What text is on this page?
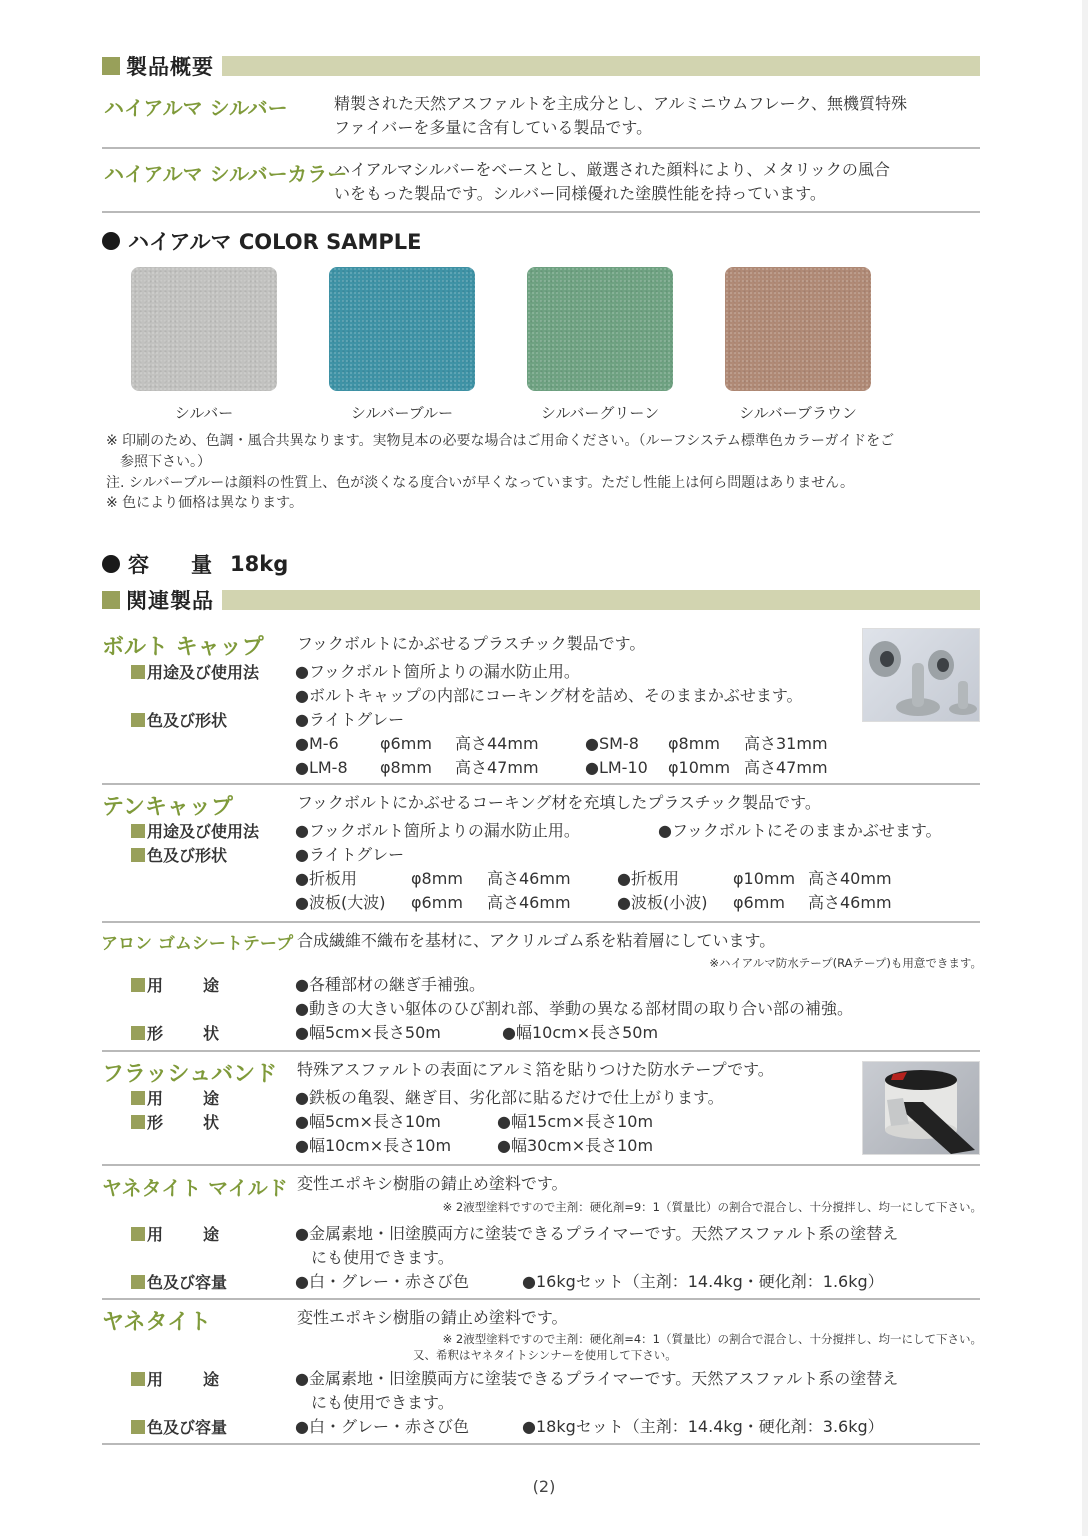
製品概要
ハイアルマ シルバー	精製された天然アスファルトを主成分とし、アルミニウムフレーク、無機質特殊
ファイバーを多量に含有している製品です。
ハイアルマ シルバーカラー
ハイアルマシルバーをベースとし、厳選された顔料により、メタリックの風合
いをもった製品です。シルバー同様優れた塗膜性能を持っています。
ハイアルマ COLOR SAMPLE
シルバー	シルバーブルー	シルバーグリーン	シルバーブラウン
※ 印刷のため、色調・風合共異なります。実物見本の必要な場合はご用命ください。（ルーフシステム標準色カラーガイドをご
　参照下さい。）
注. シルバーブルーは顔料の性質上、色が淡くなる度合いが早くなっています。ただし性能上は何ら問題はありません。
※ 色により価格は異なります。
容　　量 18kg
関連製品
ボルト キャップ フックボルトにかぶせるプラスチック製品です。
用途及び使用法 ●フックボルト箇所よりの漏水防止用。
●ボルトキャップの内部にコーキング材を詰め、そのままかぶせます。
色及び形状	●ライトグレー
●M-6	φ6mm 高さ44mm	●SM-8 φ8mm 高さ31mm
●LM-8 φ8mm 高さ47mm	●LM-10 φ10mm 高さ47mm
テンキャップ	フックボルトにかぶせるコーキング材を充填したプラスチック製品です。
用途及び使用法 ●フックボルト箇所よりの漏水防止用。	●フックボルトにそのままかぶせます。
色及び形状	●ライトグレー
●折板用	φ8mm 高さ46mm	●折板用	φ10mm 高さ40mm
●波板(大波) φ6mm 高さ46mm	●波板(小波) φ6mm 高さ46mm
アロン ゴムシートテープ 合成繊維不織布を基材に、アクリルゴム系を粘着層にしています。
※ハイアルマ防水テープ(RAテープ)も用意できます。
用　途	●各種部材の継ぎ手補強。
●動きの大きい躯体のひび割れ部、挙動の異なる部材間の取り合い部の補強。
形　状	●幅5cm×長さ50m	●幅10cm×長さ50m
フラッシュバンド 特殊アスファルトの表面にアルミ箔を貼りつけた防水テープです。
用　途	●鉄板の亀裂、継ぎ目、劣化部に貼るだけで仕上がります。
形　状	●幅5cm×長さ10m	●幅15cm×長さ10m
●幅10cm×長さ10m	●幅30cm×長さ10m
ヤネタイト マイルド 変性エポキシ樹脂の錆止め塗料です。
※ 2液型塗料ですので主剤：硬化剤=9：1（質量比）の割合で混合し、十分撹拌し、均一にして下さい。
用　途	●金属素地・旧塗膜両方に塗装できるプライマーです。天然アスファルト系の塗替え
　にも使用できます。
色及び容量	●白・グレー・赤さび色	●16kgセット（主剤：14.4kg・硬化剤：1.6kg）
ヤネタイト	変性エポキシ樹脂の錆止め塗料です。
※ 2液型塗料ですので主剤：硬化剤=4：1（質量比）の割合で混合し、十分撹拌し、均一にして下さい。
又、希釈はヤネタイトシンナーを使用して下さい。
用　途	●金属素地・旧塗膜両方に塗装できるプライマーです。天然アスファルト系の塗替え
　にも使用できます。
色及び容量	●白・グレー・赤さび色	●18kgセット（主剤：14.4kg・硬化剤：3.6kg）
(2)
